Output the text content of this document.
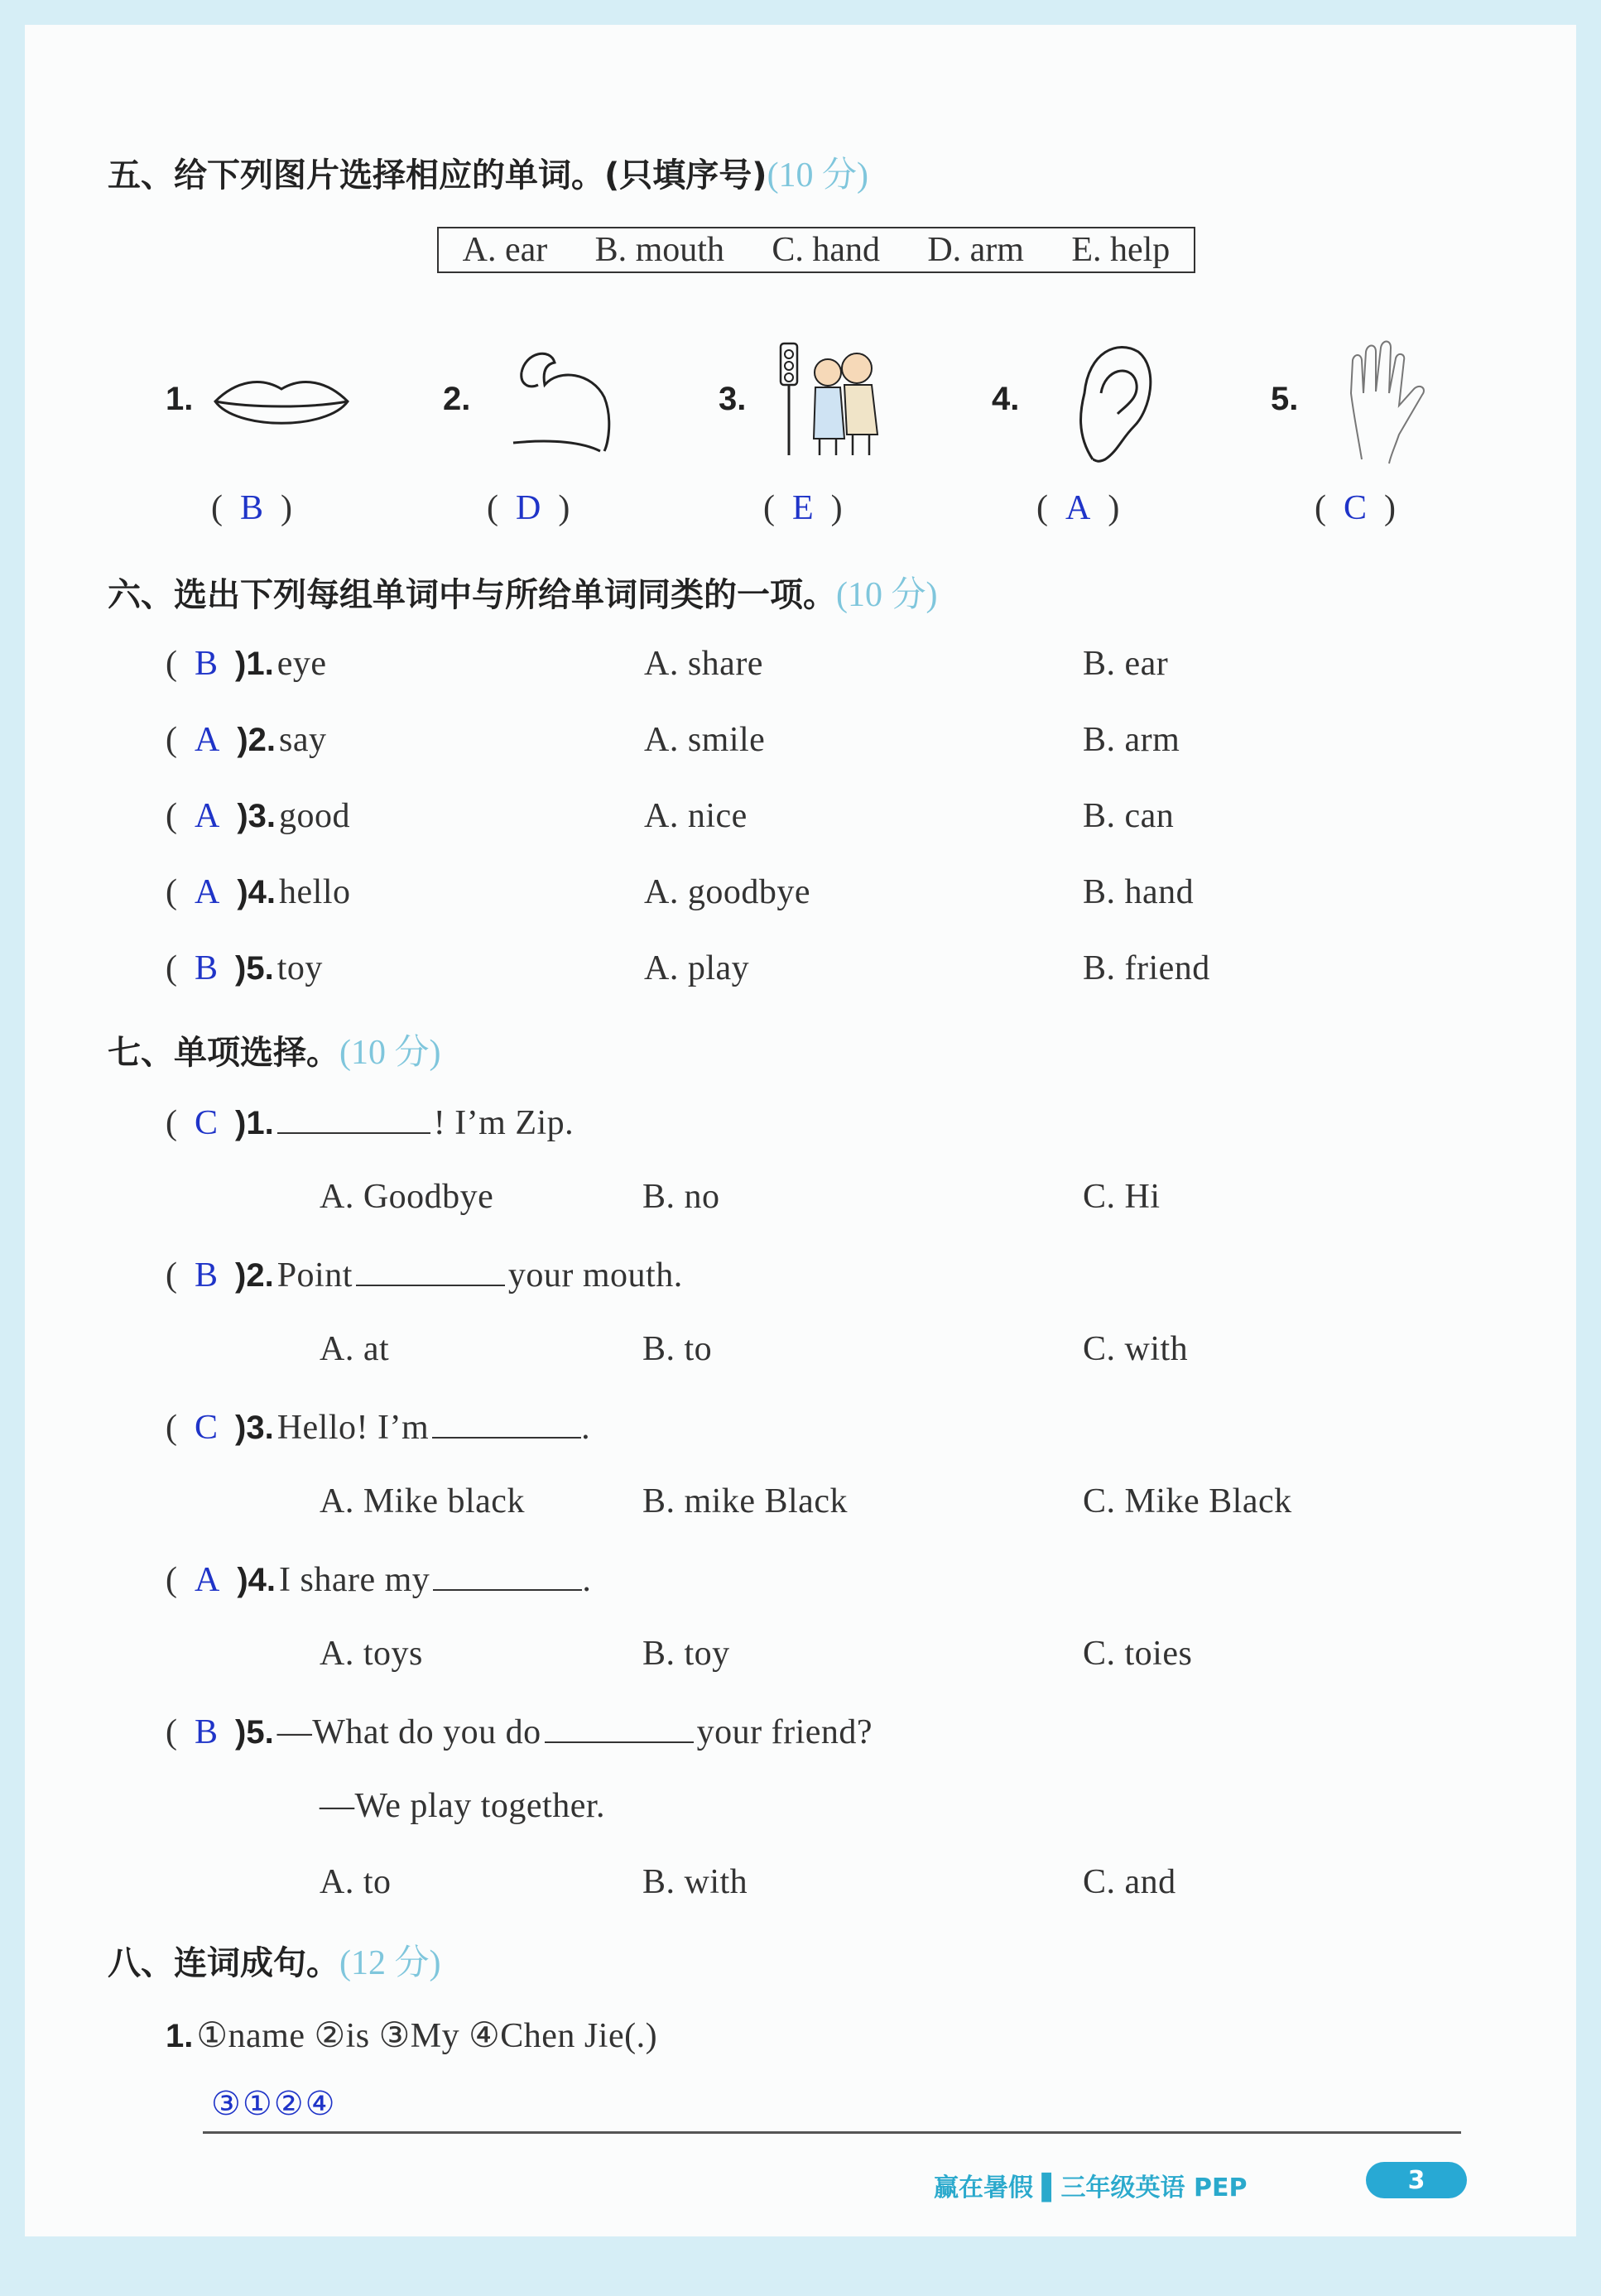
五、给下列图片选择相应的单词。(只填序号)(10 分)
A. ear B. mouth C. hand D. arm E. help
1.
(  B  )
2.
(  D  )
3.
(  E  )
4.
(  A  )
5.
(  C  )
六、选出下列每组单词中与所给单词同类的一项。(10 分)
(  B )1. eye	A. share	B. ear
(  A )2. say	A. smile	B. arm
(  A )3. good	A. nice	B. can
(  A )4. hello	A. goodbye	B. hand
(  B )5. toy	A. play	B. friend
七、单项选择。(10 分)
(  C )1.	! I’m Zip.
A. Goodbye	B. no	C. Hi
(  B )2. Point	your mouth.
A. at	B. to	C. with
(  C )3. Hello! I’m	.
A. Mike black	B. mike Black	C. Mike Black
(  A )4. I share my	.
A. toys	B. toy	C. toies
(  B )5. —What do you do	your friend?
—We play together.
A. to	B. with	C. and
八、连词成句。(12 分)
1. ①name ②is ③My ④Chen Jie(.)
③①②④
赢在暑假 ▌三年级英语 PEP	3
